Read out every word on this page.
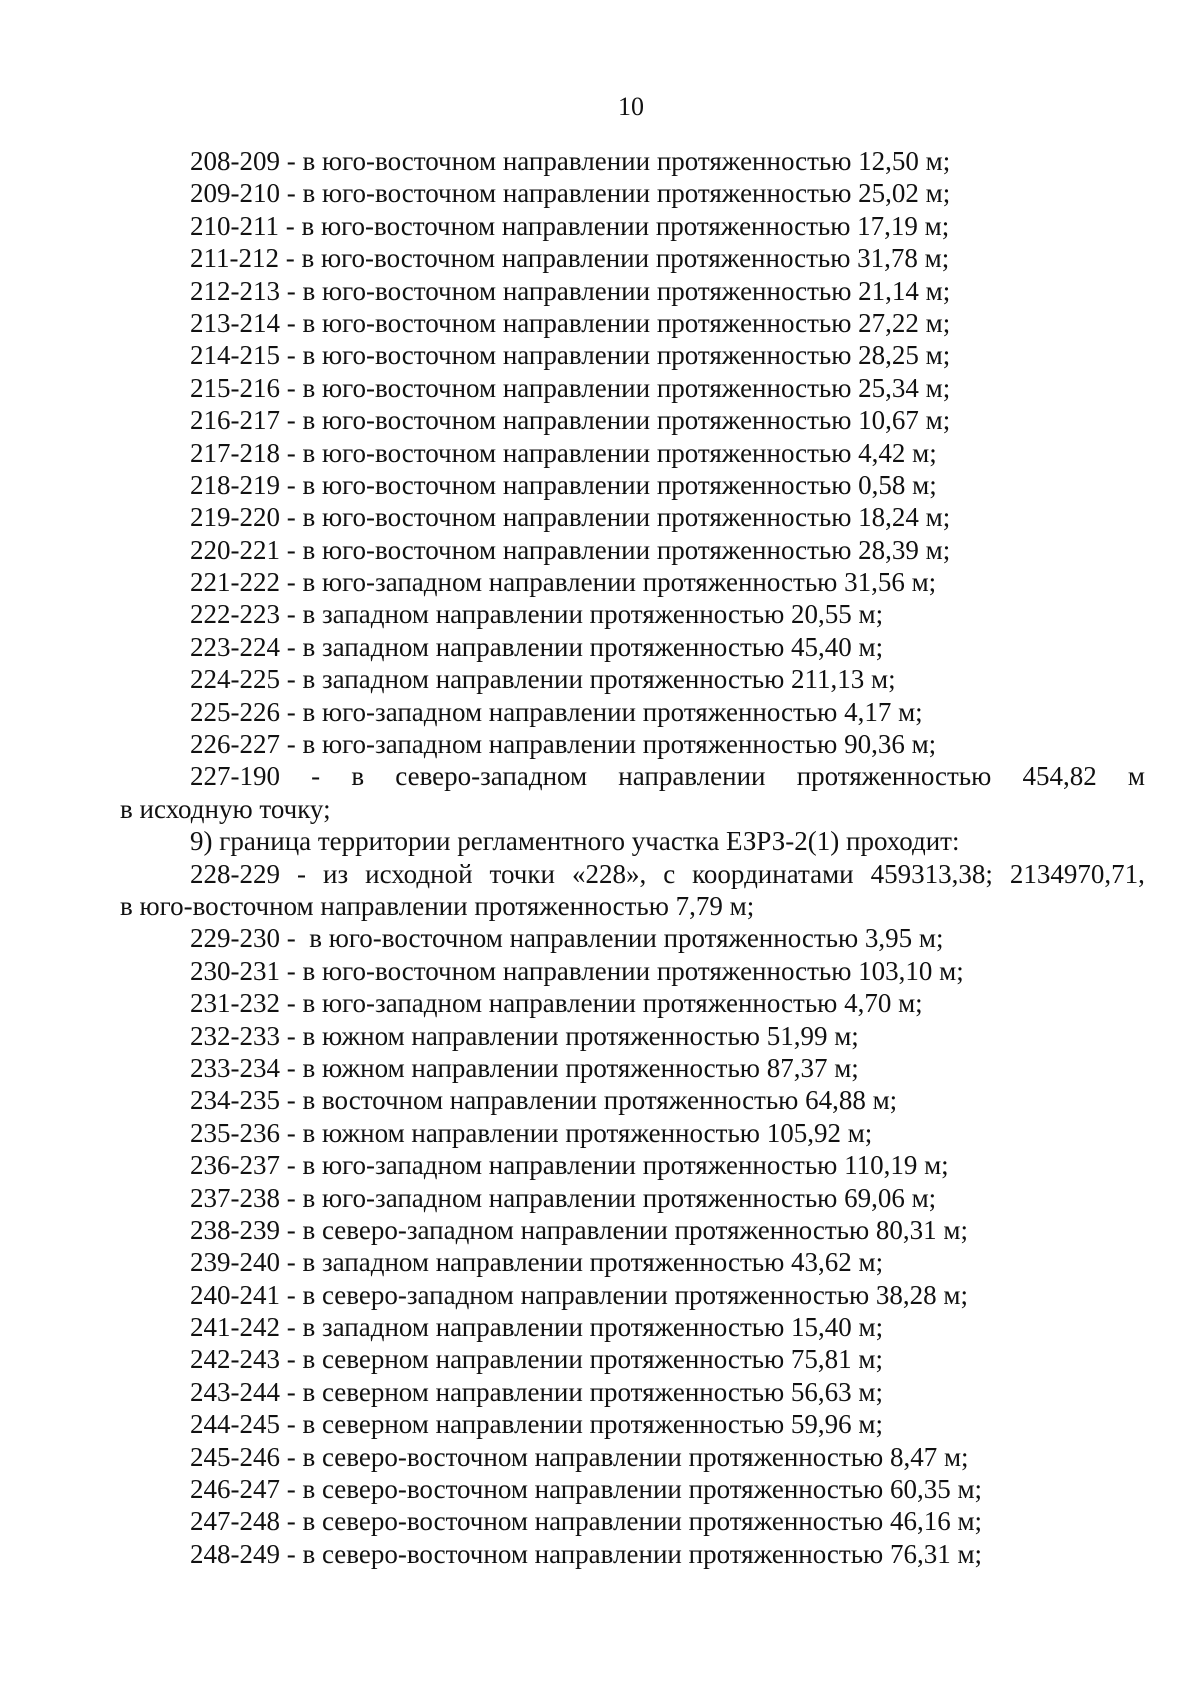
10
208-209 - в юго-восточном направлении протяженностью 12,50 м;
209-210 - в юго-восточном направлении протяженностью 25,02 м;
210-211 - в юго-восточном направлении протяженностью 17,19 м;
211-212 - в юго-восточном направлении протяженностью 31,78 м;
212-213 - в юго-восточном направлении протяженностью 21,14 м;
213-214 - в юго-восточном направлении протяженностью 27,22 м;
214-215 - в юго-восточном направлении протяженностью 28,25 м;
215-216 - в юго-восточном направлении протяженностью 25,34 м;
216-217 - в юго-восточном направлении протяженностью 10,67 м;
217-218 - в юго-восточном направлении протяженностью 4,42 м;
218-219 - в юго-восточном направлении протяженностью 0,58 м;
219-220 - в юго-восточном направлении протяженностью 18,24 м;
220-221 - в юго-восточном направлении протяженностью 28,39 м;
221-222 - в юго-западном направлении протяженностью 31,56 м;
222-223 - в западном направлении протяженностью 20,55 м;
223-224 - в западном направлении протяженностью 45,40 м;
224-225 - в западном направлении протяженностью 211,13 м;
225-226 - в юго-западном направлении протяженностью 4,17 м;
226-227 - в юго-западном направлении протяженностью 90,36 м;
227-190 - в северо-западном направлении протяженностью 454,82 м
в исходную точку;
9) граница территории регламентного участка ЕЗРЗ-2(1) проходит:
228-229 - из исходной точки «228», с координатами 459313,38; 2134970,71,
в юго-восточном направлении протяженностью 7,79 м;
229-230 -  в юго-восточном направлении протяженностью 3,95 м;
230-231 - в юго-восточном направлении протяженностью 103,10 м;
231-232 - в юго-западном направлении протяженностью 4,70 м;
232-233 - в южном направлении протяженностью 51,99 м;
233-234 - в южном направлении протяженностью 87,37 м;
234-235 - в восточном направлении протяженностью 64,88 м;
235-236 - в южном направлении протяженностью 105,92 м;
236-237 - в юго-западном направлении протяженностью 110,19 м;
237-238 - в юго-западном направлении протяженностью 69,06 м;
238-239 - в северо-западном направлении протяженностью 80,31 м;
239-240 - в западном направлении протяженностью 43,62 м;
240-241 - в северо-западном направлении протяженностью 38,28 м;
241-242 - в западном направлении протяженностью 15,40 м;
242-243 - в северном направлении протяженностью 75,81 м;
243-244 - в северном направлении протяженностью 56,63 м;
244-245 - в северном направлении протяженностью 59,96 м;
245-246 - в северо-восточном направлении протяженностью 8,47 м;
246-247 - в северо-восточном направлении протяженностью 60,35 м;
247-248 - в северо-восточном направлении протяженностью 46,16 м;
248-249 - в северо-восточном направлении протяженностью 76,31 м;
